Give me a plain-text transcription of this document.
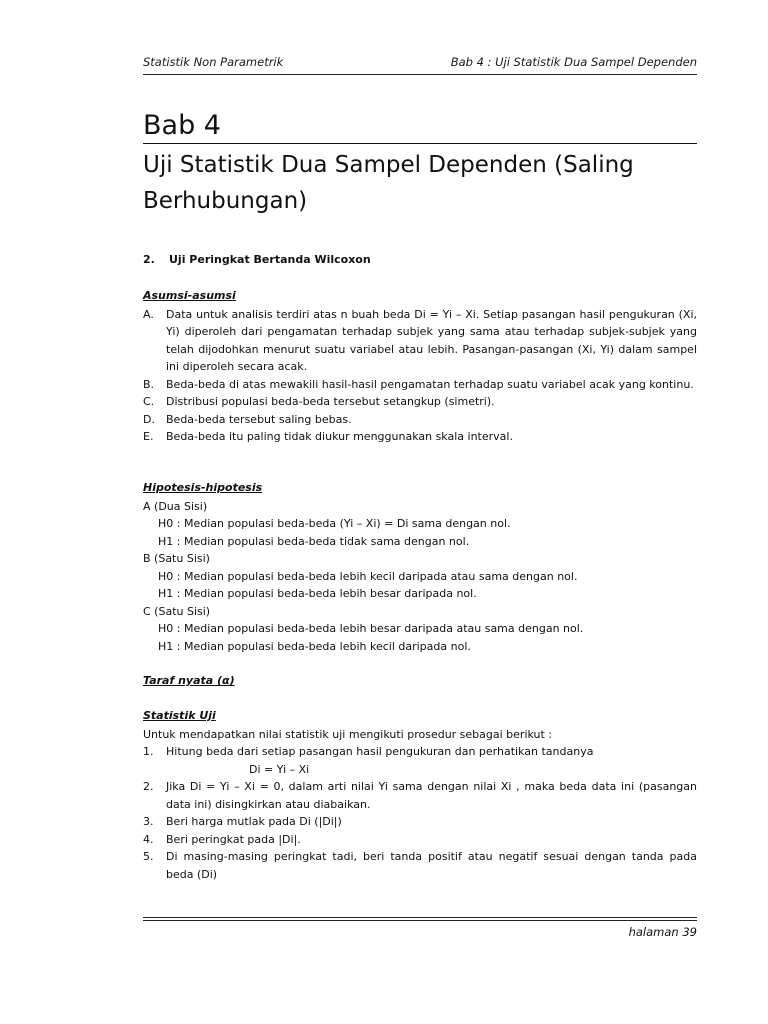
Statistik Non Parametrik	Bab 4 : Uji Statistik Dua Sampel Dependen
Bab 4
Uji Statistik Dua Sampel Dependen (Saling Berhubungan)
2. Uji Peringkat Bertanda Wilcoxon
Asumsi-asumsi
A.	Data untuk analisis terdiri atas n buah beda Di = Yi – Xi. Setiap pasangan hasil pengukuran (Xi, Yi) diperoleh dari pengamatan terhadap subjek yang sama atau terhadap subjek-subjek yang telah dijodohkan menurut suatu variabel atau lebih. Pasangan-pasangan (Xi, Yi) dalam sampel ini diperoleh secara acak.
B.	Beda-beda di atas mewakili hasil-hasil pengamatan terhadap suatu variabel acak yang kontinu.
C.	Distribusi populasi beda-beda tersebut setangkup (simetri).
D.	Beda-beda tersebut saling bebas.
E.	Beda-beda itu paling tidak diukur menggunakan skala interval.
Hipotesis-hipotesis
A (Dua Sisi)
H0 : Median populasi beda-beda (Yi – Xi) = Di sama dengan nol.
H1 : Median populasi beda-beda tidak sama dengan nol.
B (Satu Sisi)
H0 : Median populasi beda-beda lebih kecil daripada atau sama dengan nol.
H1 : Median populasi beda-beda lebih besar daripada nol.
C (Satu Sisi)
H0 : Median populasi beda-beda lebih besar daripada atau sama dengan nol.
H1 : Median populasi beda-beda lebih kecil daripada nol.
Taraf nyata (α)
Statistik Uji
Untuk mendapatkan nilai statistik uji mengikuti prosedur sebagai berikut :
1.	Hitung beda dari setiap pasangan hasil pengukuran dan perhatikan tandanya
Di = Yi – Xi
2.	Jika Di = Yi – Xi = 0, dalam arti nilai Yi sama dengan nilai Xi , maka beda data ini (pasangan data ini) disingkirkan atau diabaikan.
3.	Beri harga mutlak pada Di (|Di|)
4.	Beri peringkat pada |Di|.
5.	Di masing-masing peringkat tadi, beri tanda positif atau negatif sesuai dengan tanda pada beda (Di)
halaman 39
